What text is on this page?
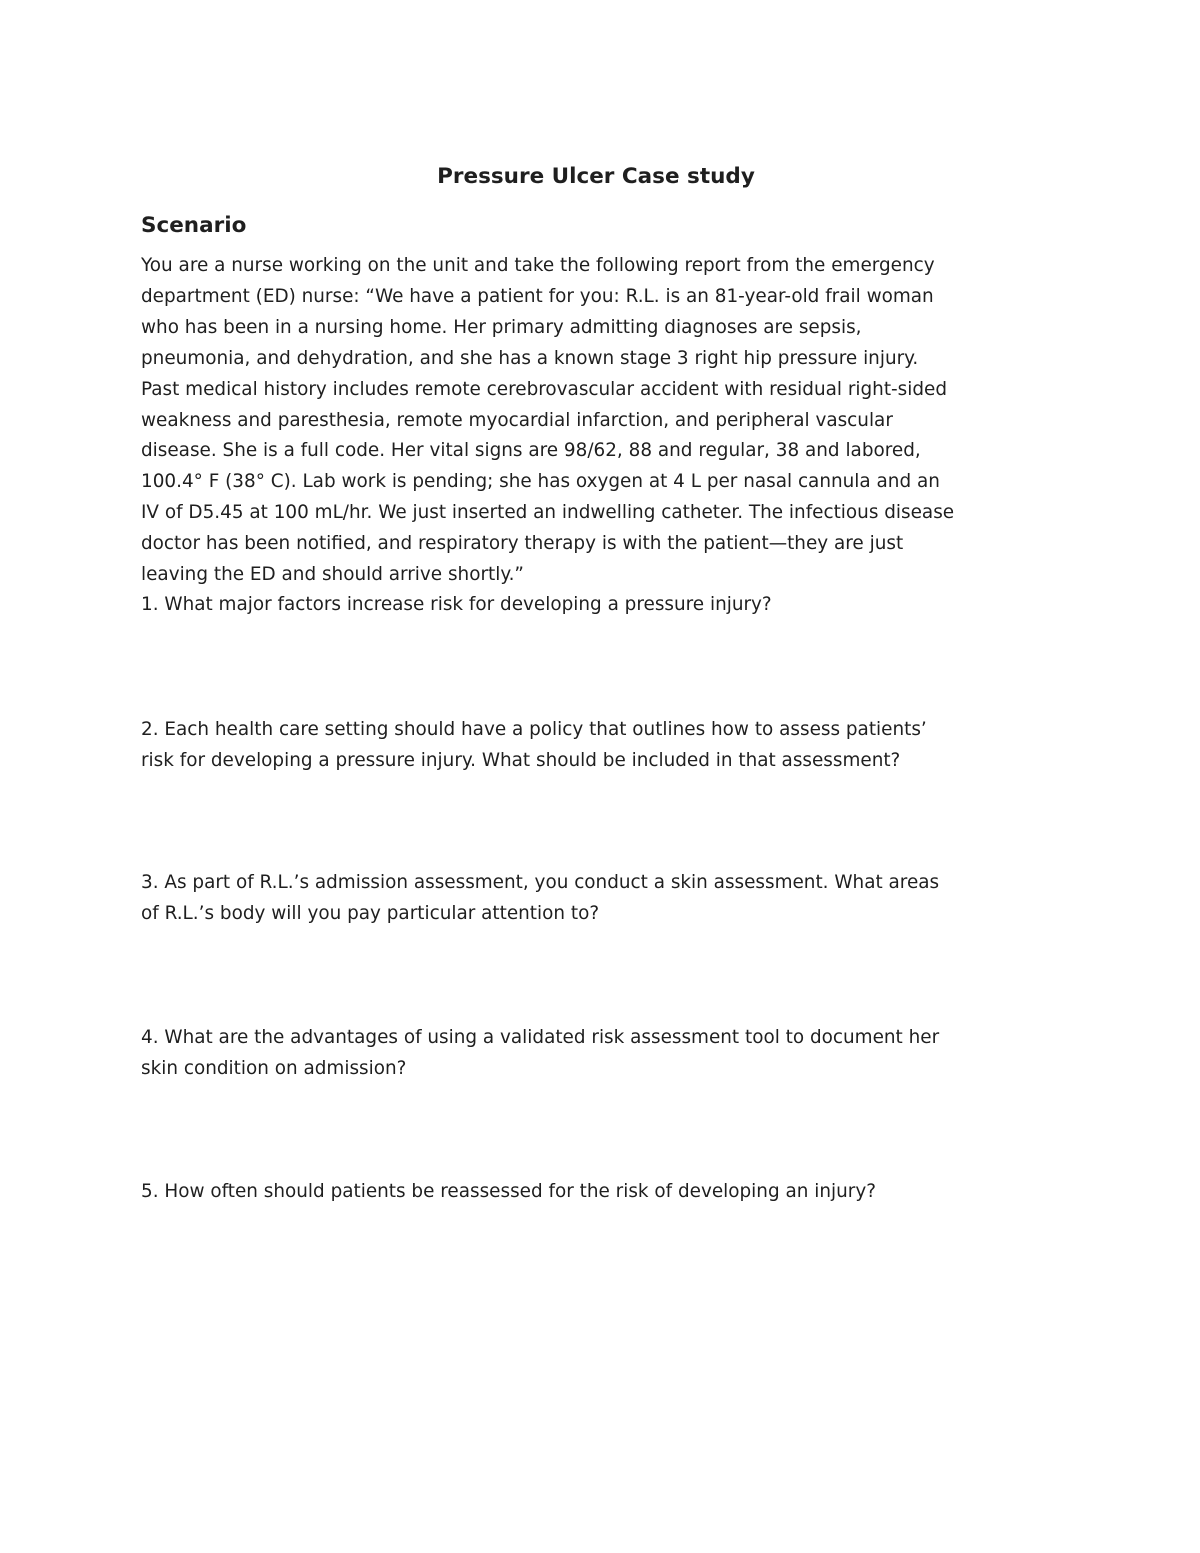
Pressure Ulcer Case study
Scenario

You are a nurse working on the unit and take the following report from the emergency
department (ED) nurse: “We have a patient for you: R.L. is an 81-year-old frail woman
who has been in a nursing home. Her primary admitting diagnoses are sepsis,
pneumonia, and dehydration, and she has a known stage 3 right hip pressure injury.
Past medical history includes remote cerebrovascular accident with residual right-sided
weakness and paresthesia, remote myocardial infarction, and peripheral vascular
disease. She is a full code. Her vital signs are 98/62, 88 and regular, 38 and labored,
100.4° F (38° C). Lab work is pending; she has oxygen at 4 L per nasal cannula and an
IV of D5.45 at 100 mL/hr. We just inserted an indwelling catheter. The infectious disease
doctor has been notified, and respiratory therapy is with the patient—they are just
leaving the ED and should arrive shortly.”

1. What major factors increase risk for developing a pressure injury?

2. Each health care setting should have a policy that outlines how to assess patients’
risk for developing a pressure injury. What should be included in that assessment?

3. As part of R.L.’s admission assessment, you conduct a skin assessment. What areas
of R.L.’s body will you pay particular attention to?

4. What are the advantages of using a validated risk assessment tool to document her
skin condition on admission?

5. How often should patients be reassessed for the risk of developing an injury?
